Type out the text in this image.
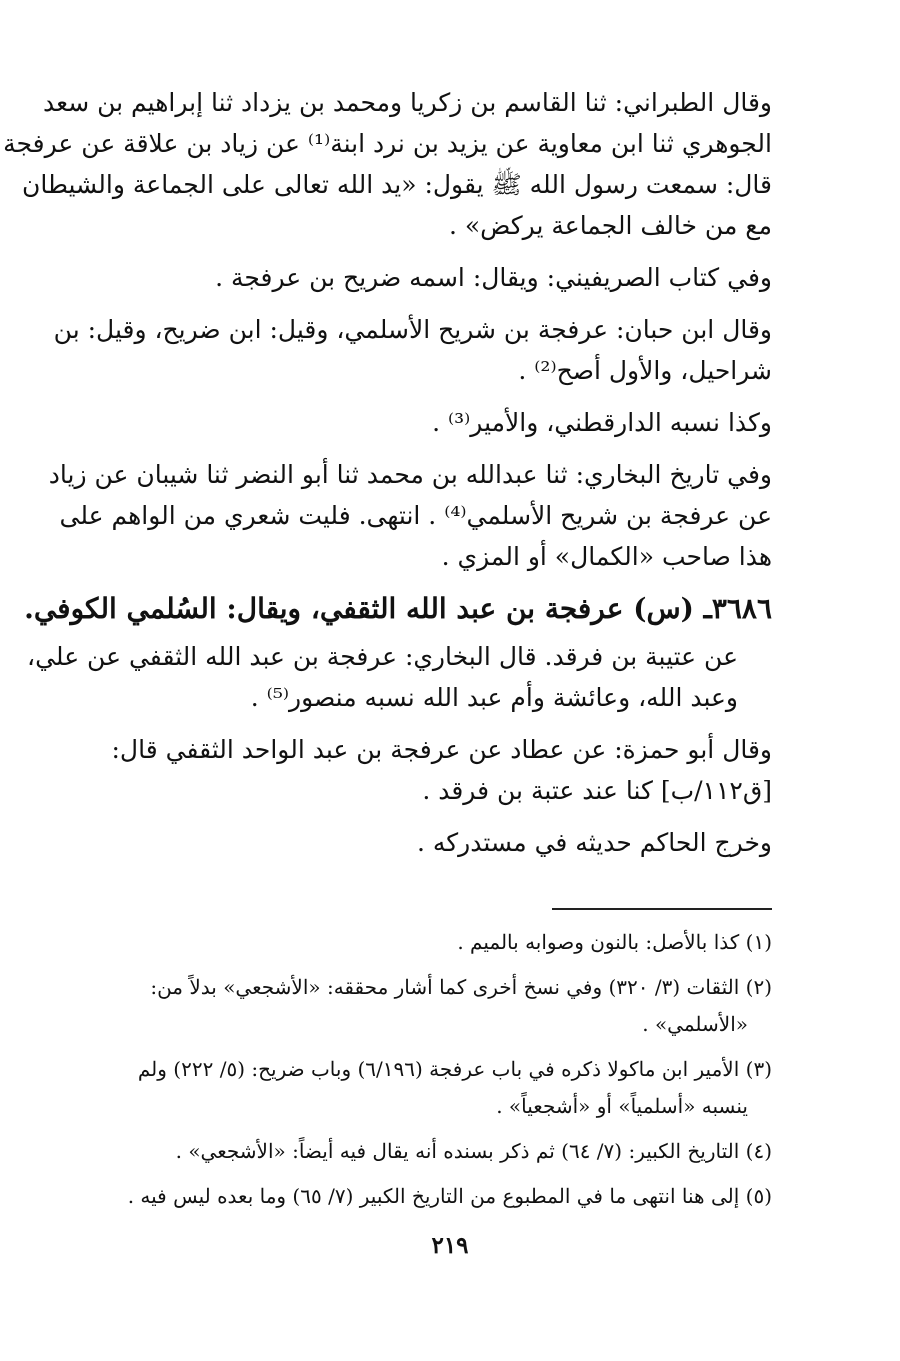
وقال الطبراني: ثنا القاسم بن زكريا ومحمد بن يزداد ثنا إبراهيم بن سعد
الجوهري ثنا ابن معاوية عن يزيد بن نرد ابنة⁽¹⁾ عن زياد بن علاقة عن عرفجة
قال: سمعت رسول الله ﷺ يقول: «يد الله تعالى على الجماعة والشيطان
مع من خالف الجماعة يركض» .
وفي كتاب الصريفيني: ويقال: اسمه ضريح بن عرفجة .
وقال ابن حبان: عرفجة بن شريح الأسلمي، وقيل: ابن ضريح، وقيل: بن
شراحيل، والأول أصح⁽²⁾ .
وكذا نسبه الدارقطني، والأمير⁽³⁾ .
وفي تاريخ البخاري: ثنا عبدالله بن محمد ثنا أبو النضر ثنا شيبان عن زياد
عن عرفجة بن شريح الأسلمي⁽⁴⁾ . انتهى. فليت شعري من الواهم على
هذا صاحب «الكمال» أو المزي .
٣٦٨٦ـ (س) عرفجة بن عبد الله الثقفي، ويقال: السُلمي الكوفي.
عن عتيبة بن فرقد. قال البخاري: عرفجة بن عبد الله الثقفي عن علي،
وعبد الله، وعائشة وأم عبد الله نسبه منصور⁽⁵⁾ .
وقال أبو حمزة: عن عطاد عن عرفجة بن عبد الواحد الثقفي قال:
[ق١١٢/ب] كنا عند عتبة بن فرقد .
وخرج الحاكم حديثه في مستدركه .
(١) كذا بالأصل: بالنون وصوابه بالميم .
(٢) الثقات (٣/ ٣٢٠) وفي نسخ أخرى كما أشار محققه: «الأشجعي» بدلاً من:
«الأسلمي» .
(٣) الأمير ابن ماكولا ذكره في باب عرفجة (٦/١٩٦) وباب ضريح: (٥/ ٢٢٢) ولم
ينسبه «أسلمياً» أو «أشجعياً» .
(٤) التاريخ الكبير: (٧/ ٦٤) ثم ذكر بسنده أنه يقال فيه أيضاً: «الأشجعي» .
(٥) إلى هنا انتهى ما في المطبوع من التاريخ الكبير (٧/ ٦٥) وما بعده ليس فيه .
٢١٩
